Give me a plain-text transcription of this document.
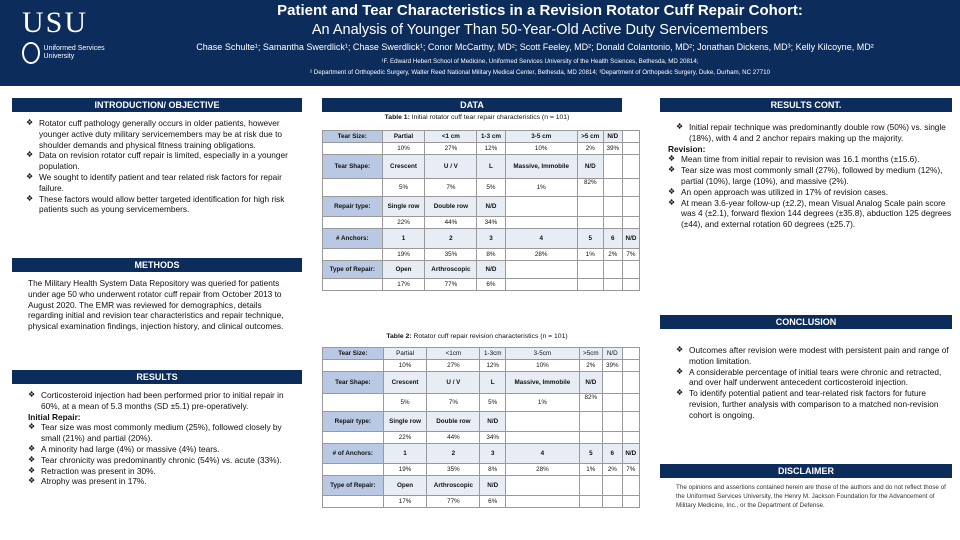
USU
Uniformed Services University
Patient and Tear Characteristics in a Revision Rotator Cuff Repair Cohort:
An Analysis of Younger Than 50-Year-Old Active Duty Servicemembers
Chase Schulte¹; Samantha Swerdlick¹; Chase Swerdlick¹; Conor McCarthy, MD²; Scott Feeley, MD²; Donald Colantonio, MD²; Jonathan Dickens, MD³; Kelly Kilcoyne, MD²
¹F. Edward Hebert School of Medicine, Uniformed Services University of the Health Sciences, Bethesda, MD 20814;
² Department of Orthopedic Surgery, Walter Reed National Military Medical Center, Bethesda, MD 20814; ³Department of Orthopedic Surgery, Duke, Durham, NC 27710
INTRODUCTION/ OBJECTIVE
❖ Rotator cuff pathology generally occurs in older patients, however younger active duty military servicemembers may be at risk due to shoulder demands and physical fitness training obligations.
❖ Data on revision rotator cuff repair is limited, especially in a younger population.
❖ We sought to identify patient and tear related risk factors for repair failure.
❖ These factors would allow better targeted identification for high risk patients such as young servicemembers.
METHODS
The Military Health System Data Repository was queried for patients under age 50 who underwent rotator cuff repair from October 2013 to August 2020. The EMR was reviewed for demographics, details regarding initial and revision tear characteristics and repair technique, physical examination findings, injection history, and clinical outcomes.
RESULTS
❖ Corticosteroid injection had been performed prior to initial repair in 60%, at a mean of 5.3 months (SD ±5.1) pre-operatively.
Initial Repair:
❖ Tear size was most commonly medium (25%), followed closely by small (21%) and partial (20%).
❖ A minority had large (4%) or massive (4%) tears.
❖ Tear chronicity was predominantly chronic (54%) vs. acute (33%).
❖ Retraction was present in 30%.
❖ Atrophy was present in 17%.
DATA
Table 1: Initial rotator cuff tear repair characteristics (n = 101)
Tear Size:	Partial	<1 cm	1-3 cm	3-5 cm	>5 cm	N/D	
	10%	27%	12%	10%	2%	39%	
Tear Shape:	Crescent	U / V	L	Massive, Immobile	N/D		
	5%	7%	5%	1%	82%		
Repair type:	Single row	Double row	N/D				
	22%	44%	34%				
# Anchors:	1	2	3	4	5	6	N/D
	19%	35%	8%	28%	1%	2%	7%
Type of Repair:	Open	Arthroscopic	N/D				
	17%	77%	6%				
Table 2: Rotator cuff repair revision characteristics (n = 101)
Tear Size:	Partial	<1cm	1-3cm	3-5cm	>5cm	N/D	
	10%	27%	12%	10%	2%	39%	
Tear Shape:	Crescent	U / V	L	Massive, Immobile	N/D		
	5%	7%	5%	1%	82%		
Repair type:	Single row	Double row	N/D				
	22%	44%	34%				
# of Anchors:	1	2	3	4	5	6	N/D
	19%	35%	8%	28%	1%	2%	7%
Type of Repair:	Open	Arthroscopic	N/D				
	17%	77%	6%				
RESULTS CONT.
❖ Initial repair technique was predominantly double row (50%) vs. single (18%), with 4 and 2 anchor repairs making up the majority.
Revision:
❖ Mean time from initial repair to revision was 16.1 months (±15.6).
❖ Tear size was most commonly small (27%), followed by medium (12%), partial (10%), large (10%), and massive (2%).
❖ An open approach was utilized in 17% of revision cases.
❖ At mean 3.6-year follow-up (±2.2), mean Visual Analog Scale pain score was 4 (±2.1), forward flexion 144 degrees (±35.8), abduction 125 degrees (±44), and external rotation 60 degrees (±25.7).
CONCLUSION
❖ Outcomes after revision were modest with persistent pain and range of motion limitation.
❖ A considerable percentage of initial tears were chronic and retracted, and over half underwent antecedent corticosteroid injection.
❖ To identify potential patient and tear-related risk factors for future revision, further analysis with comparison to a matched non-revision cohort is ongoing.
DISCLAIMER
The opinions and assertions contained herein are those of the authors and do not reflect those of the Uniformed Services University, the Henry M. Jackson Foundation for the Advancement of Military Medicine, Inc., or the Department of Defense.
